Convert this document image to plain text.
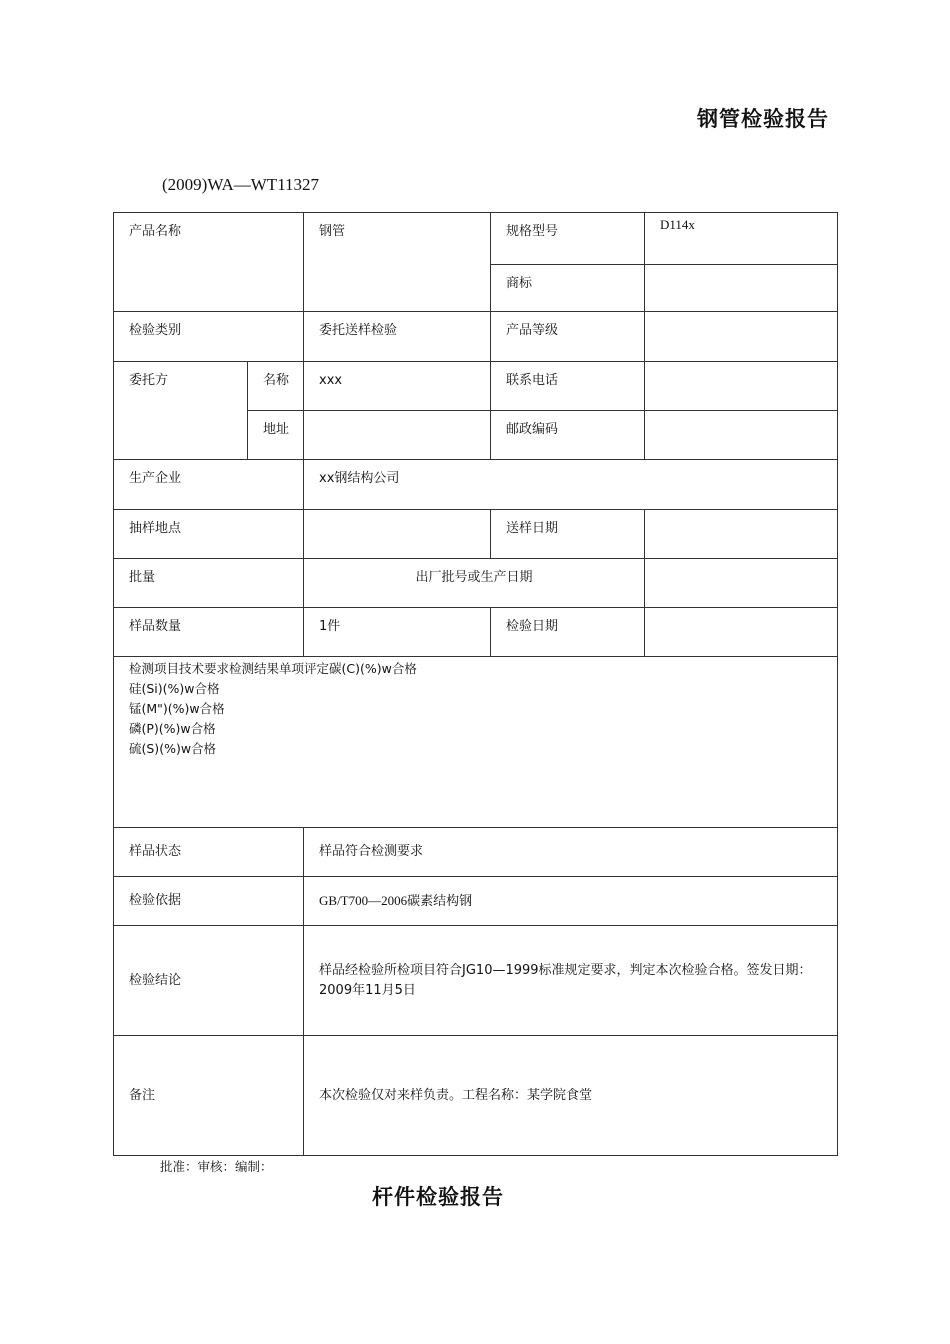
钢管检验报告
(2009)WA—WT11327
产品名称		钢管	规格型号	D114x
			商标	
检验类别		委托送样检验	产品等级	
委托方	名称	xxx	联系电话	
	地址		邮政编码	
生产企业		xx钢结构公司		
抽样地点			送样日期	
批量		出厂批号或生产日期		
样品数量		1件	检验日期	

检测项目技术要求检测结果单项评定碳(C)(%)w合格
硅(Si)(%)w合格
锰(M")(%)w合格
磷(P)(%)w合格
硫(S)(%)w合格				

样品状态		样品符合检测要求		
检验依据		GB/T700—2006碳素结构钢		
检验结论		样品经检验所检项目符合JG10—1999标准规定要求，判定本次检验合格。签发日期：2009年11月5日		
备注		本次检验仅对来样负责。工程名称：某学院食堂		
批准：审核：编制：
杆件检验报告
